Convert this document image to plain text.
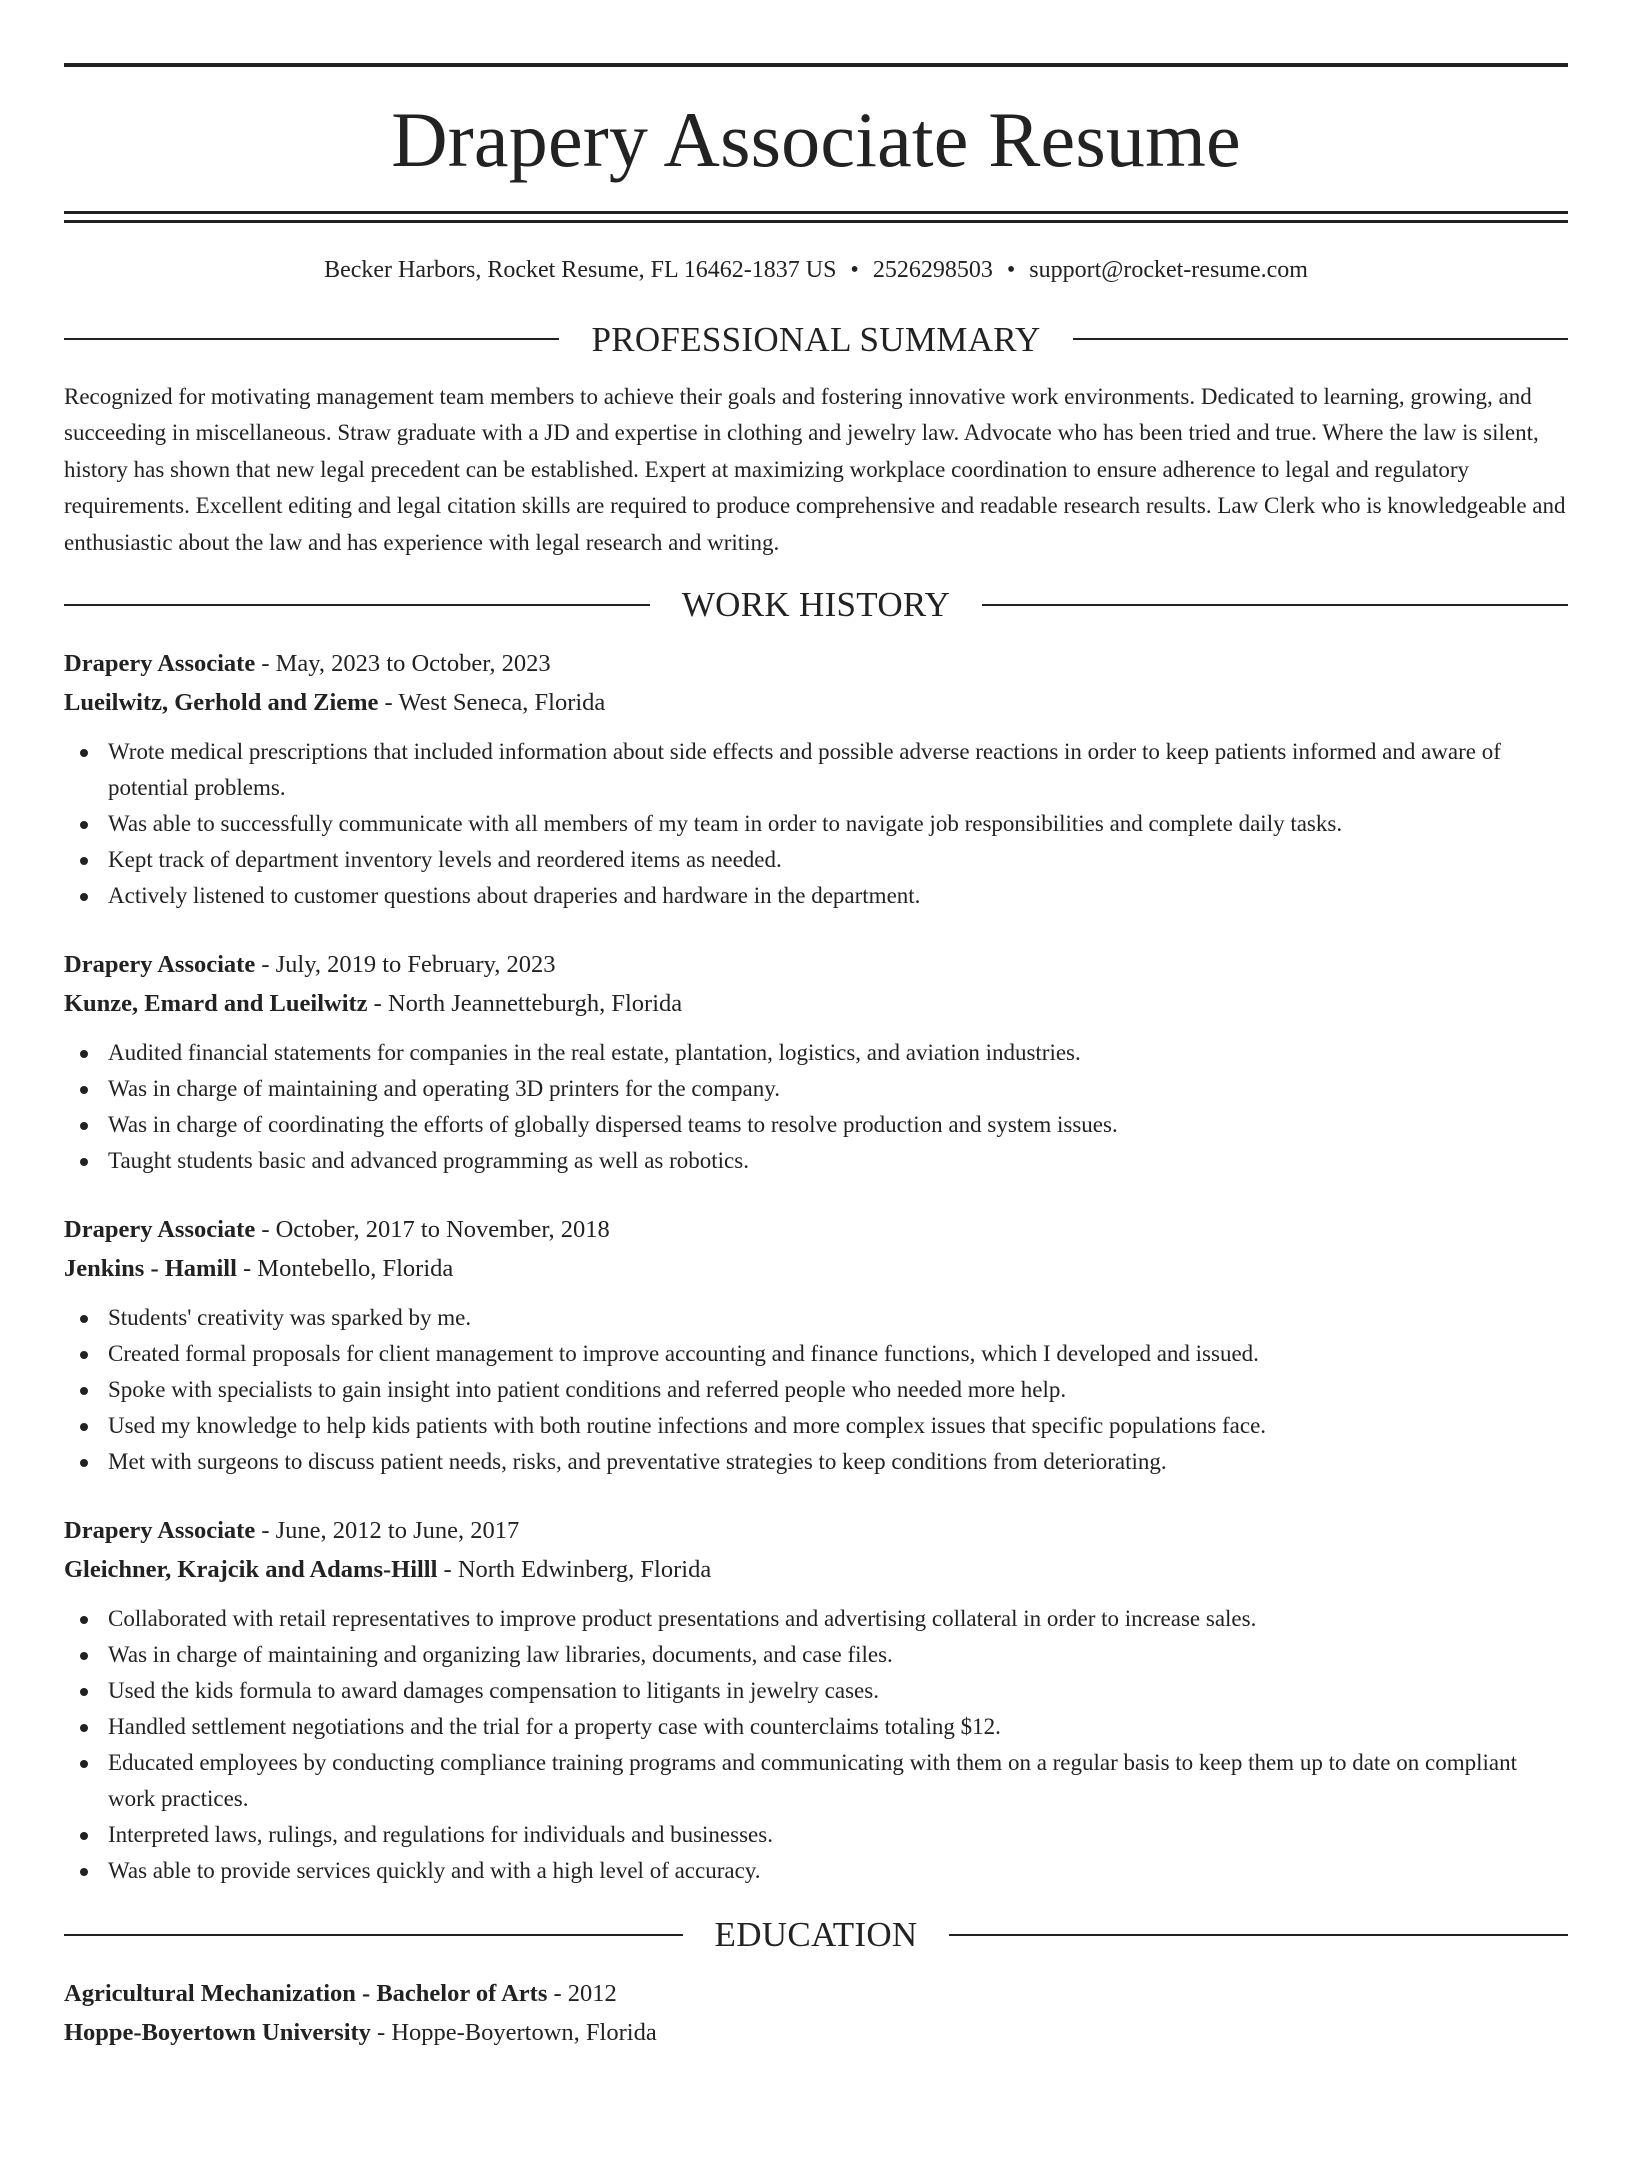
Drapery Associate Resume
Becker Harbors, Rocket Resume, FL 16462-1837 US • 2526298503 • support@rocket-resume.com
PROFESSIONAL SUMMARY
Recognized for motivating management team members to achieve their goals and fostering innovative work environments. Dedicated to learning, growing, and succeeding in miscellaneous. Straw graduate with a JD and expertise in clothing and jewelry law. Advocate who has been tried and true. Where the law is silent, history has shown that new legal precedent can be established. Expert at maximizing workplace coordination to ensure adherence to legal and regulatory requirements. Excellent editing and legal citation skills are required to produce comprehensive and readable research results. Law Clerk who is knowledgeable and enthusiastic about the law and has experience with legal research and writing.
WORK HISTORY
Drapery Associate - May, 2023 to October, 2023
Lueilwitz, Gerhold and Zieme - West Seneca, Florida
Wrote medical prescriptions that included information about side effects and possible adverse reactions in order to keep patients informed and aware of potential problems.
Was able to successfully communicate with all members of my team in order to navigate job responsibilities and complete daily tasks.
Kept track of department inventory levels and reordered items as needed.
Actively listened to customer questions about draperies and hardware in the department.
Drapery Associate - July, 2019 to February, 2023
Kunze, Emard and Lueilwitz - North Jeannetteburgh, Florida
Audited financial statements for companies in the real estate, plantation, logistics, and aviation industries.
Was in charge of maintaining and operating 3D printers for the company.
Was in charge of coordinating the efforts of globally dispersed teams to resolve production and system issues.
Taught students basic and advanced programming as well as robotics.
Drapery Associate - October, 2017 to November, 2018
Jenkins - Hamill - Montebello, Florida
Students' creativity was sparked by me.
Created formal proposals for client management to improve accounting and finance functions, which I developed and issued.
Spoke with specialists to gain insight into patient conditions and referred people who needed more help.
Used my knowledge to help kids patients with both routine infections and more complex issues that specific populations face.
Met with surgeons to discuss patient needs, risks, and preventative strategies to keep conditions from deteriorating.
Drapery Associate - June, 2012 to June, 2017
Gleichner, Krajcik and Adams-Hilll - North Edwinberg, Florida
Collaborated with retail representatives to improve product presentations and advertising collateral in order to increase sales.
Was in charge of maintaining and organizing law libraries, documents, and case files.
Used the kids formula to award damages compensation to litigants in jewelry cases.
Handled settlement negotiations and the trial for a property case with counterclaims totaling $12.
Educated employees by conducting compliance training programs and communicating with them on a regular basis to keep them up to date on compliant work practices.
Interpreted laws, rulings, and regulations for individuals and businesses.
Was able to provide services quickly and with a high level of accuracy.
EDUCATION
Agricultural Mechanization - Bachelor of Arts - 2012
Hoppe-Boyertown University - Hoppe-Boyertown, Florida
